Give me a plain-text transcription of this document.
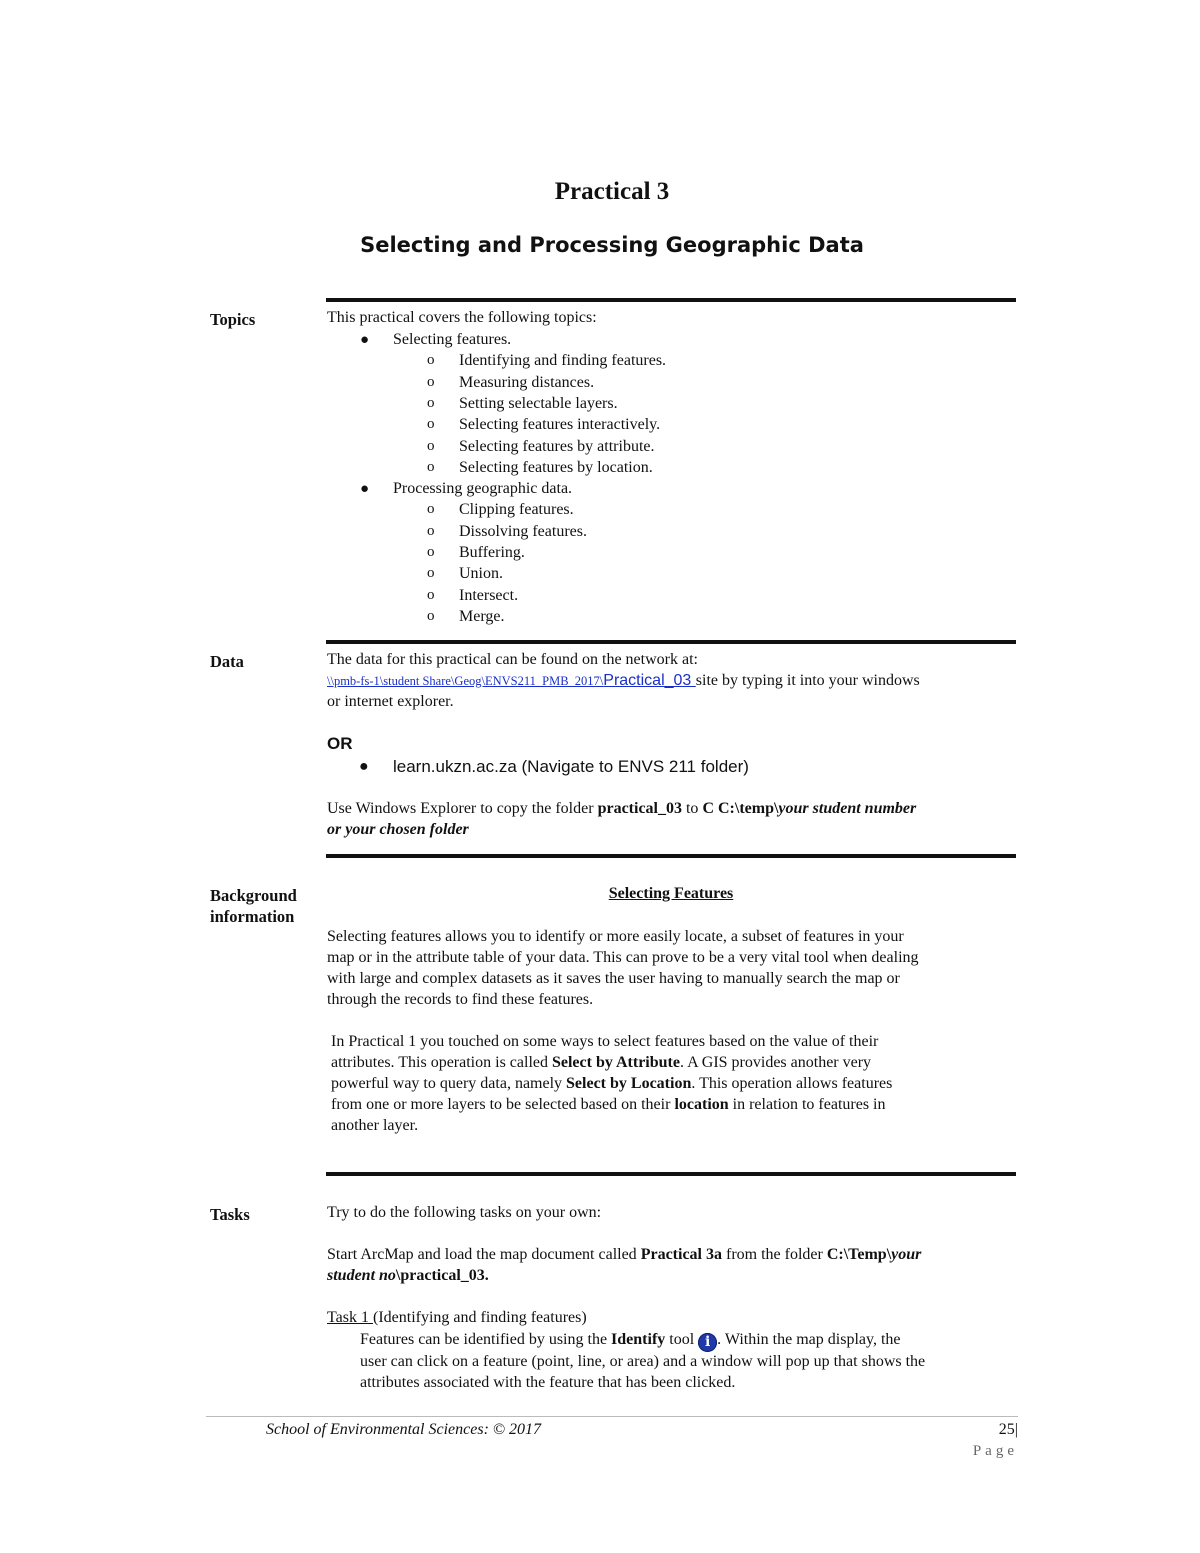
Practical 3
Selecting and Processing Geographic Data
Topics	This practical covers the following topics:
● Selecting features.
o Identifying and finding features.
o Measuring distances.
o Setting selectable layers.
o Selecting features interactively.
o Selecting features by attribute.
o Selecting features by location.
● Processing geographic data.
o Clipping features.
o Dissolving features.
o Buffering.
o Union.
o Intersect.
o Merge.
Data	The data for this practical can be found on the network at:
\\pmb-fs-1\student Share\Geog\ENVS211_PMB_2017\Practical_03 site by typing it into your windows
or internet explorer.
OR
● learn.ukzn.ac.za (Navigate to ENVS 211 folder)
Use Windows Explorer to copy the folder practical_03 to C C:\temp\your student number
or your chosen folder
Background
information
Selecting Features
Selecting features allows you to identify or more easily locate, a subset of features in your
map or in the attribute table of your data. This can prove to be a very vital tool when dealing
with large and complex datasets as it saves the user having to manually search the map or
through the records to find these features.
In Practical 1 you touched on some ways to select features based on the value of their
attributes. This operation is called Select by Attribute. A GIS provides another very
powerful way to query data, namely Select by Location. This operation allows features
from one or more layers to be selected based on their location in relation to features in
another layer.
Tasks	Try to do the following tasks on your own:
Start ArcMap and load the map document called Practical 3a from the folder C:\Temp\your
student no\practical_03.
Task 1 (Identifying and finding features)
Features can be identified by using the Identify tool i . Within the map display, the
user can click on a feature (point, line, or area) and a window will pop up that shows the
attributes associated with the feature that has been clicked.
School of Environmental Sciences: © 2017	25|
Page
